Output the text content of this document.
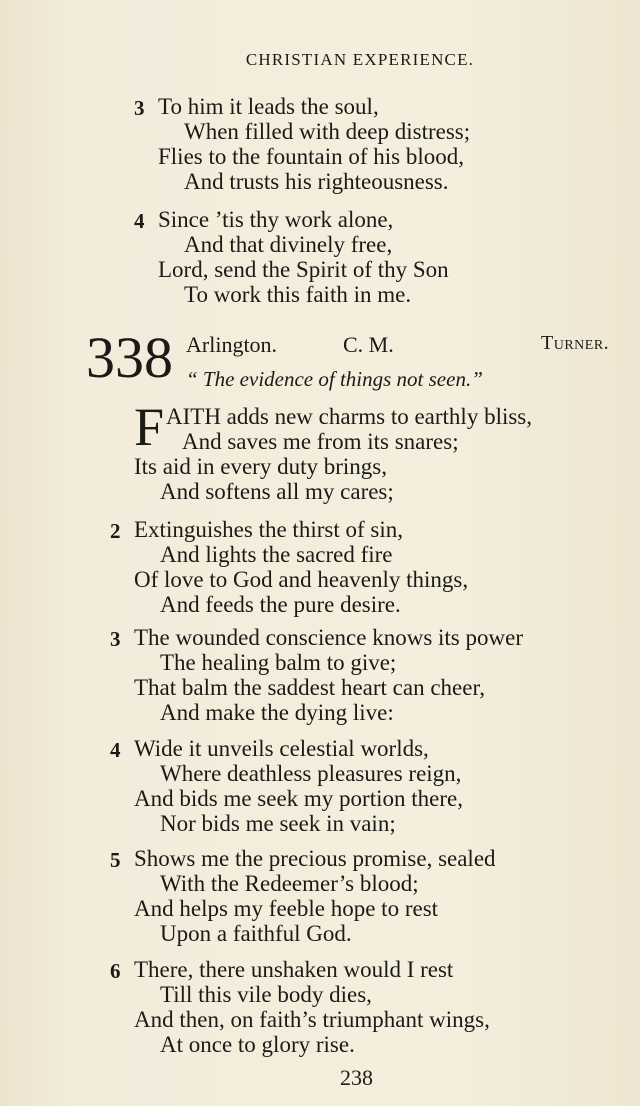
CHRISTIAN EXPERIENCE.
3 To him it leads the soul,
When filled with deep distress;
Flies to the fountain of his blood,
And trusts his righteousness.
4 Since ’tis thy work alone,
And that divinely free,
Lord, send the Spirit of thy Son
To work this faith in me.
338 Arlington.	C. M.	Turner.
“ The evidence of things not seen.”
F AITH adds new charms to earthly bliss,
And saves me from its snares;
Its aid in every duty brings,
And softens all my cares;
2 Extinguishes the thirst of sin,
And lights the sacred fire
Of love to God and heavenly things,
And feeds the pure desire.
3 The wounded conscience knows its power
The healing balm to give;
That balm the saddest heart can cheer,
And make the dying live:
4 Wide it unveils celestial worlds,
Where deathless pleasures reign,
And bids me seek my portion there,
Nor bids me seek in vain;
5 Shows me the precious promise, sealed
With the Redeemer’s blood;
And helps my feeble hope to rest
Upon a faithful God.
6 There, there unshaken would I rest
Till this vile body dies,
And then, on faith’s triumphant wings,
At once to glory rise.
238
